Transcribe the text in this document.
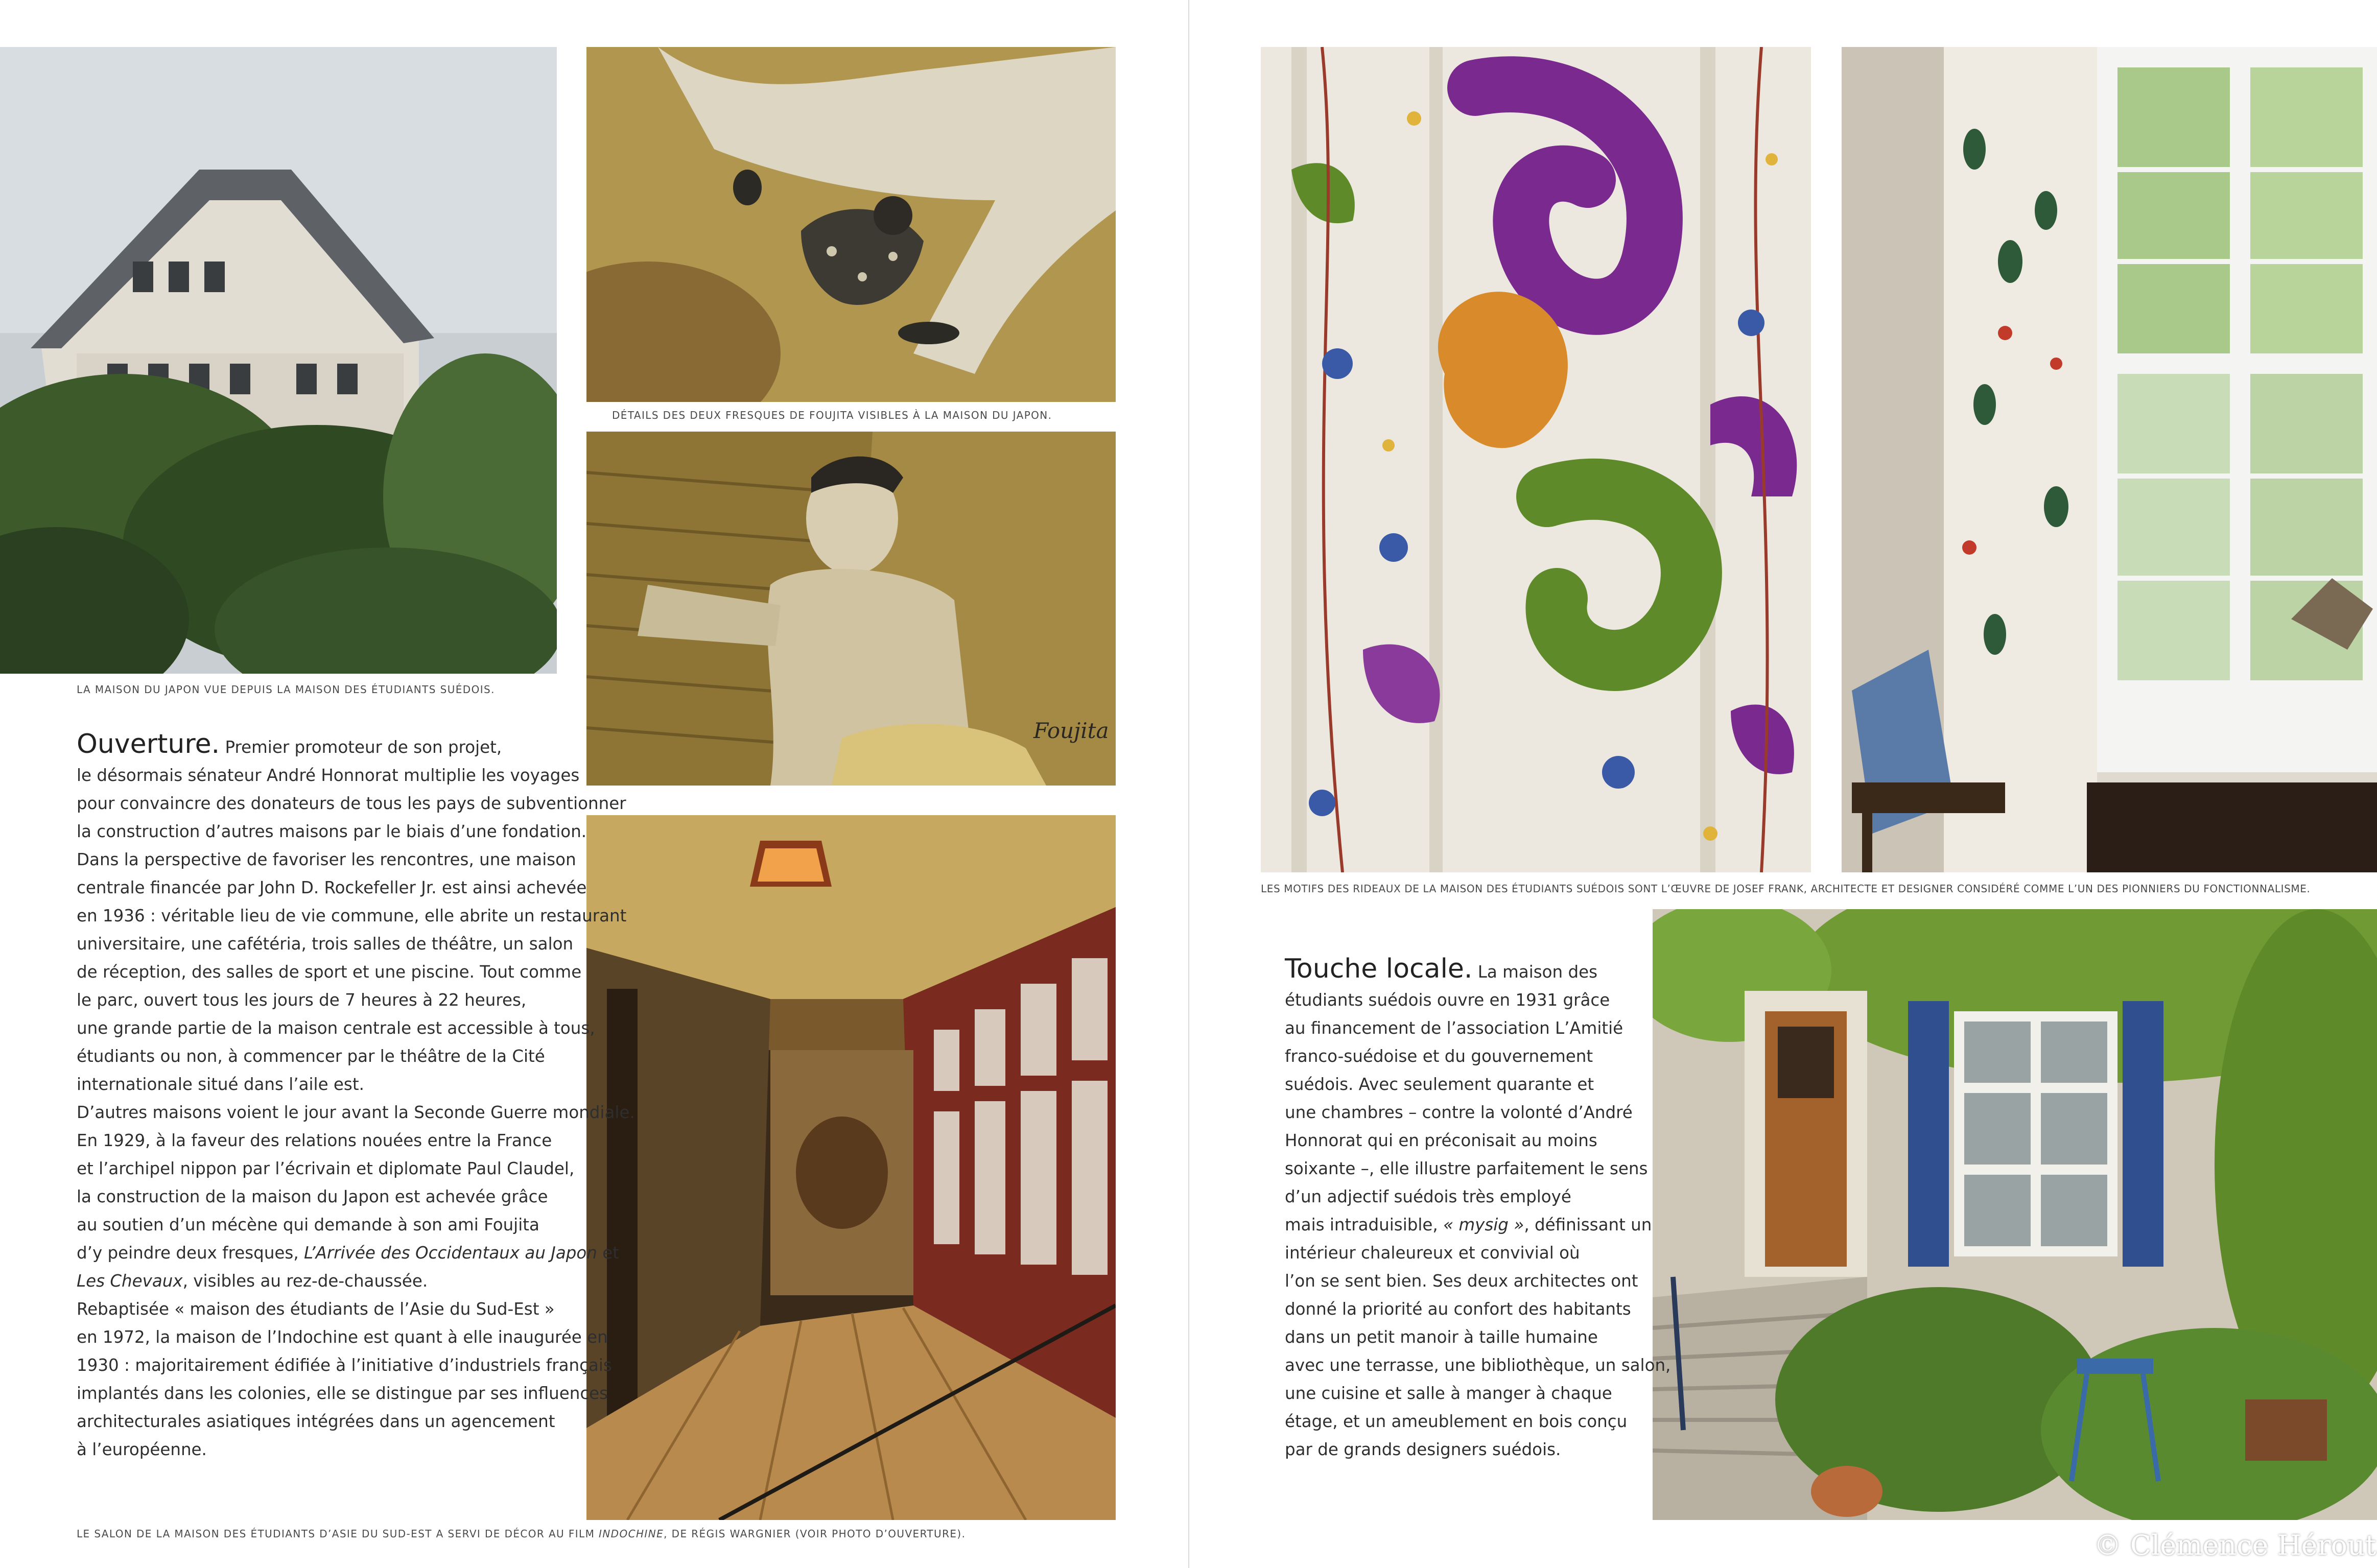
LA MAISON DU JAPON VUE DEPUIS LA MAISON DES ÉTUDIANTS SUÉDOIS.
DÉTAILS DES DEUX FRESQUES DE FOUJITA VISIBLES À LA MAISON DU JAPON.
Foujita

Ouverture. Premier promoteur de son projet,

le désormais sénateur André Honnorat multiplie les voyages

pour convaincre des donateurs de tous les pays de subventionner

la construction d’autres maisons par le biais d’une fondation.

Dans la perspective de favoriser les rencontres, une maison

centrale financée par John D. Rockefeller Jr. est ainsi achevée

en 1936 : véritable lieu de vie commune, elle abrite un restaurant

universitaire, une cafétéria, trois salles de théâtre, un salon

de réception, des salles de sport et une piscine. Tout comme

le parc, ouvert tous les jours de 7 heures à 22 heures,

une grande partie de la maison centrale est accessible à tous,

étudiants ou non, à commencer par le théâtre de la Cité

internationale situé dans l’aile est.

D’autres maisons voient le jour avant la Seconde Guerre mondiale.

En 1929, à la faveur des relations nouées entre la France

et l’archipel nippon par l’écrivain et diplomate Paul Claudel,

la construction de la maison du Japon est achevée grâce

au soutien d’un mécène qui demande à son ami Foujita

d’y peindre deux fresques, L’Arrivée des Occidentaux au Japon et

Les Chevaux, visibles au rez-de-chaussée.

Rebaptisée « maison des étudiants de l’Asie du Sud-Est »

en 1972, la maison de l’Indochine est quant à elle inaugurée en

1930 : majoritairement édifiée à l’initiative d’industriels français

implantés dans les colonies, elle se distingue par ses influences

architecturales asiatiques intégrées dans un agencement

à l’européenne.

LE SALON DE LA MAISON DES ÉTUDIANTS D’ASIE DU SUD-EST A SERVI DE DÉCOR AU FILM INDOCHINE, DE RÉGIS WARGNIER (VOIR PHOTO D’OUVERTURE).
LES MOTIFS DES RIDEAUX DE LA MAISON DES ÉTUDIANTS SUÉDOIS SONT L’ŒUVRE DE JOSEF FRANK, ARCHITECTE ET DESIGNER CONSIDÉRÉ COMME L’UN DES PIONNIERS DU FONCTIONNALISME.

Touche locale. La maison des

étudiants suédois ouvre en 1931 grâce

au financement de l’association L’Amitié

franco-suédoise et du gouvernement

suédois. Avec seulement quarante et

une chambres – contre la volonté d’André

Honnorat qui en préconisait au moins

soixante –, elle illustre parfaitement le sens

d’un adjectif suédois très employé

mais intraduisible, « mysig », définissant un

intérieur chaleureux et convivial où

l’on se sent bien. Ses deux architectes ont

donné la priorité au confort des habitants

dans un petit manoir à taille humaine

avec une terrasse, une bibliothèque, un salon,

une cuisine et salle à manger à chaque

étage, et un ameublement en bois conçu

par de grands designers suédois.

© Clémence Hérout
